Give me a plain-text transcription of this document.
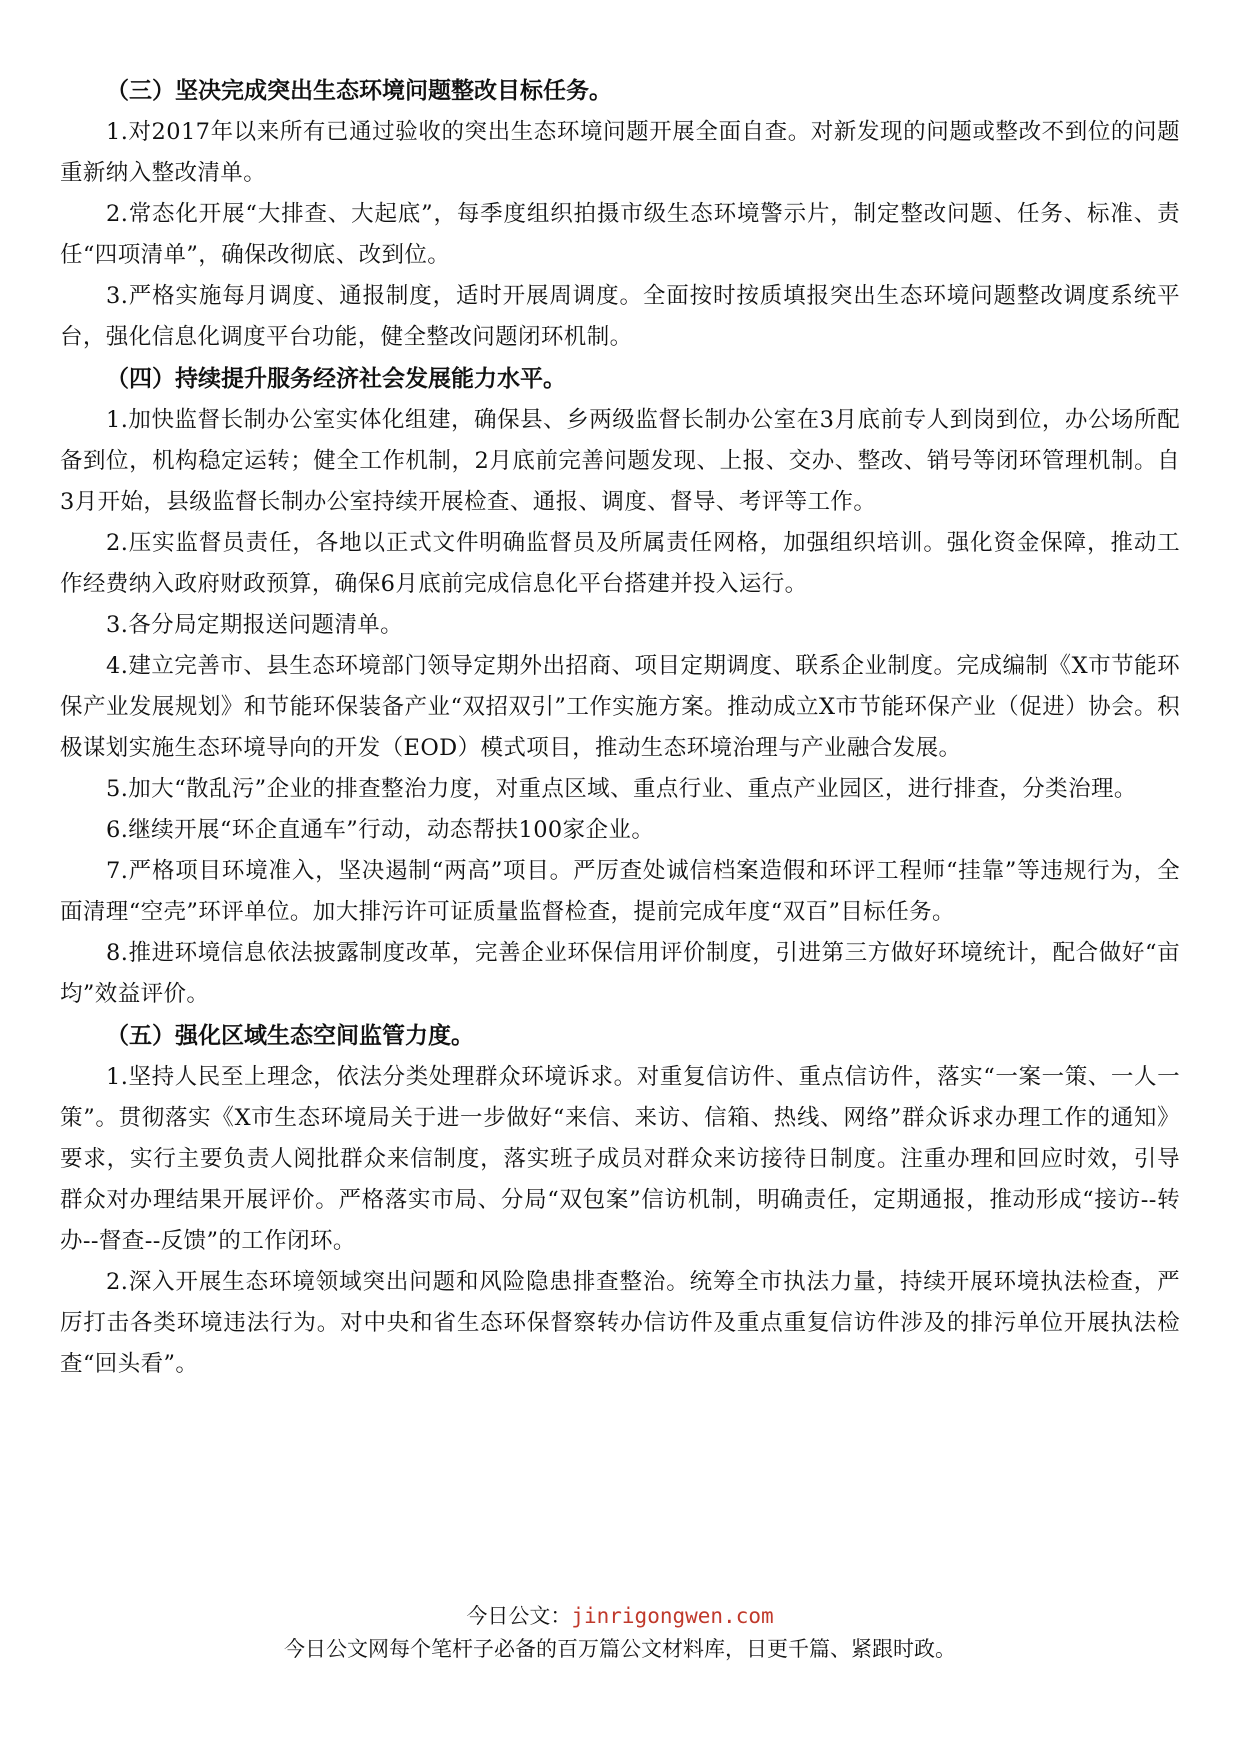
（三）坚决完成突出生态环境问题整改目标任务。

1.对2017年以来所有已通过验收的突出生态环境问题开展全面自查。对新发现的问题或整改不到位的问题重新纳入整改清单。

2.常态化开展“大排查、大起底”，每季度组织拍摄市级生态环境警示片，制定整改问题、任务、标准、责任“四项清单”，确保改彻底、改到位。

3.严格实施每月调度、通报制度，适时开展周调度。全面按时按质填报突出生态环境问题整改调度系统平台，强化信息化调度平台功能，健全整改问题闭环机制。

（四）持续提升服务经济社会发展能力水平。

1.加快监督长制办公室实体化组建，确保县、乡两级监督长制办公室在3月底前专人到岗到位，办公场所配备到位，机构稳定运转；健全工作机制，2月底前完善问题发现、上报、交办、整改、销号等闭环管理机制。自3月开始，县级监督长制办公室持续开展检查、通报、调度、督导、考评等工作。

2.压实监督员责任，各地以正式文件明确监督员及所属责任网格，加强组织培训。强化资金保障，推动工作经费纳入政府财政预算，确保6月底前完成信息化平台搭建并投入运行。

3.各分局定期报送问题清单。

4.建立完善市、县生态环境部门领导定期外出招商、项目定期调度、联系企业制度。完成编制《X市节能环保产业发展规划》和节能环保装备产业“双招双引”工作实施方案。推动成立X市节能环保产业（促进）协会。积极谋划实施生态环境导向的开发（EOD）模式项目，推动生态环境治理与产业融合发展。

5.加大“散乱污”企业的排查整治力度，对重点区域、重点行业、重点产业园区，进行排查，分类治理。

6.继续开展“环企直通车”行动，动态帮扶100家企业。

7.严格项目环境准入，坚决遏制“两高”项目。严厉查处诚信档案造假和环评工程师“挂靠”等违规行为，全面清理“空壳”环评单位。加大排污许可证质量监督检查，提前完成年度“双百”目标任务。

8.推进环境信息依法披露制度改革，完善企业环保信用评价制度，引进第三方做好环境统计，配合做好“亩均”效益评价。

（五）强化区域生态空间监管力度。

1.坚持人民至上理念，依法分类处理群众环境诉求。对重复信访件、重点信访件，落实“一案一策、一人一策”。贯彻落实《X市生态环境局关于进一步做好“来信、来访、信箱、热线、网络”群众诉求办理工作的通知》要求，实行主要负责人阅批群众来信制度，落实班子成员对群众来访接待日制度。注重办理和回应时效，引导群众对办理结果开展评价。严格落实市局、分局“双包案”信访机制，明确责任，定期通报，推动形成“接访--转办--督查--反馈”的工作闭环。

2.深入开展生态环境领域突出问题和风险隐患排查整治。统筹全市执法力量，持续开展环境执法检查，严厉打击各类环境违法行为。对中央和省生态环保督察转办信访件及重点重复信访件涉及的排污单位开展执法检查“回头看”。

今日公文：jinrigongwen.com
今日公文网每个笔杆子必备的百万篇公文材料库，日更千篇、紧跟时政。
